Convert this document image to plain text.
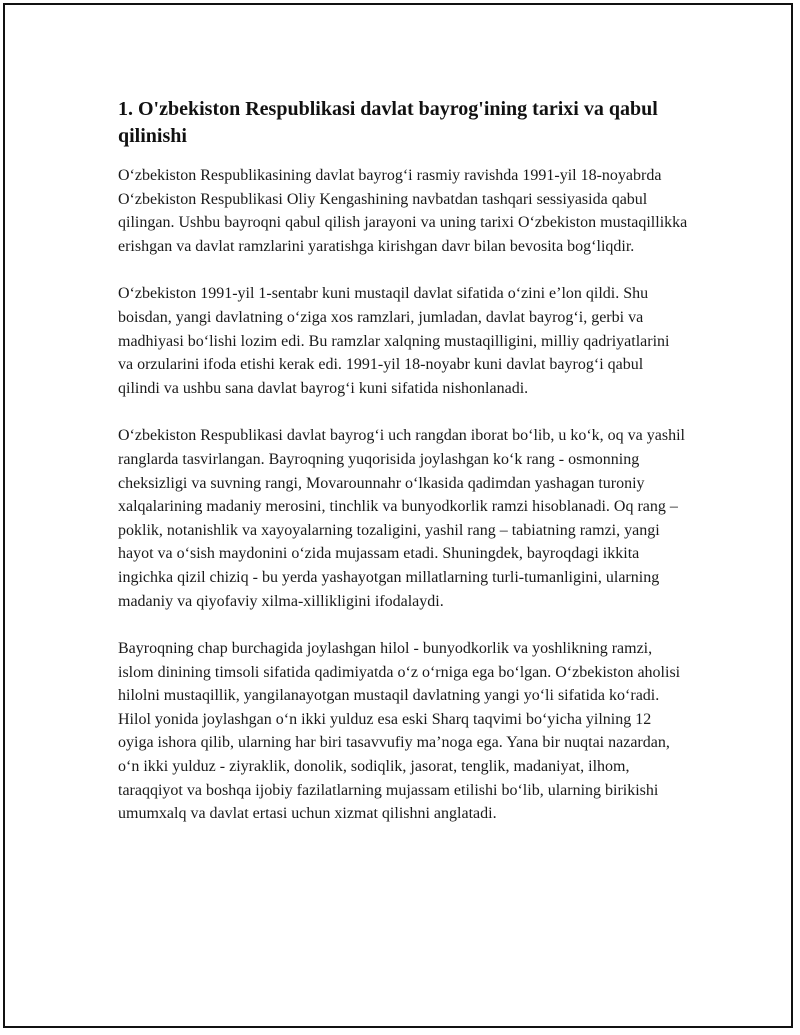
1. O'zbekiston Respublikasi davlat bayrog'ining tarixi va qabul qilinishi

O‘zbekiston Respublikasining davlat bayrog‘i rasmiy ravishda 1991-yil 18-noyabrda O‘zbekiston Respublikasi Oliy Kengashining navbatdan tashqari sessiyasida qabul qilingan. Ushbu bayroqni qabul qilish jarayoni va uning tarixi O‘zbekiston mustaqillikka erishgan va davlat ramzlarini yaratishga kirishgan davr bilan bevosita bog‘liqdir.

O‘zbekiston 1991-yil 1-sentabr kuni mustaqil davlat sifatida o‘zini e’lon qildi. Shu boisdan, yangi davlatning o‘ziga xos ramzlari, jumladan, davlat bayrog‘i, gerbi va madhiyasi bo‘lishi lozim edi. Bu ramzlar xalqning mustaqilligini, milliy qadriyatlarini va orzularini ifoda etishi kerak edi. 1991-yil 18-noyabr kuni davlat bayrog‘i qabul qilindi va ushbu sana davlat bayrog‘i kuni sifatida nishonlanadi.

O‘zbekiston Respublikasi davlat bayrog‘i uch rangdan iborat bo‘lib, u ko‘k, oq va yashil ranglarda tasvirlangan. Bayroqning yuqorisida joylashgan ko‘k rang - osmonning cheksizligi va suvning rangi, Movarounnahr o‘lkasida qadimdan yashagan turoniy xalqalarining madaniy merosini, tinchlik va bunyodkorlik ramzi hisoblanadi. Oq rang – poklik, notanishlik va xayoyalarning tozaligini, yashil rang – tabiatning ramzi, yangi hayot va o‘sish maydonini o‘zida mujassam etadi. Shuningdek, bayroqdagi ikkita ingichka qizil chiziq - bu yerda yashayotgan millatlarning turli-tumanligini, ularning madaniy va qiyofaviy xilma-xillikligini ifodalaydi.

Bayroqning chap burchagida joylashgan hilol - bunyodkorlik va yoshlikning ramzi, islom dinining timsoli sifatida qadimiyatda o‘z o‘rniga ega bo‘lgan. O‘zbekiston aholisi hilolni mustaqillik, yangilanayotgan mustaqil davlatning yangi yo‘li sifatida ko‘radi. Hilol yonida joylashgan o‘n ikki yulduz esa eski Sharq taqvimi bo‘yicha yilning 12 oyiga ishora qilib, ularning har biri tasavvufiy ma’noga ega. Yana bir nuqtai nazardan, o‘n ikki yulduz - ziyraklik, donolik, sodiqlik, jasorat, tenglik, madaniyat, ilhom, taraqqiyot va boshqa ijobiy fazilatlarning mujassam etilishi bo‘lib, ularning birikishi umumxalq va davlat ertasi uchun xizmat qilishni anglatadi.
